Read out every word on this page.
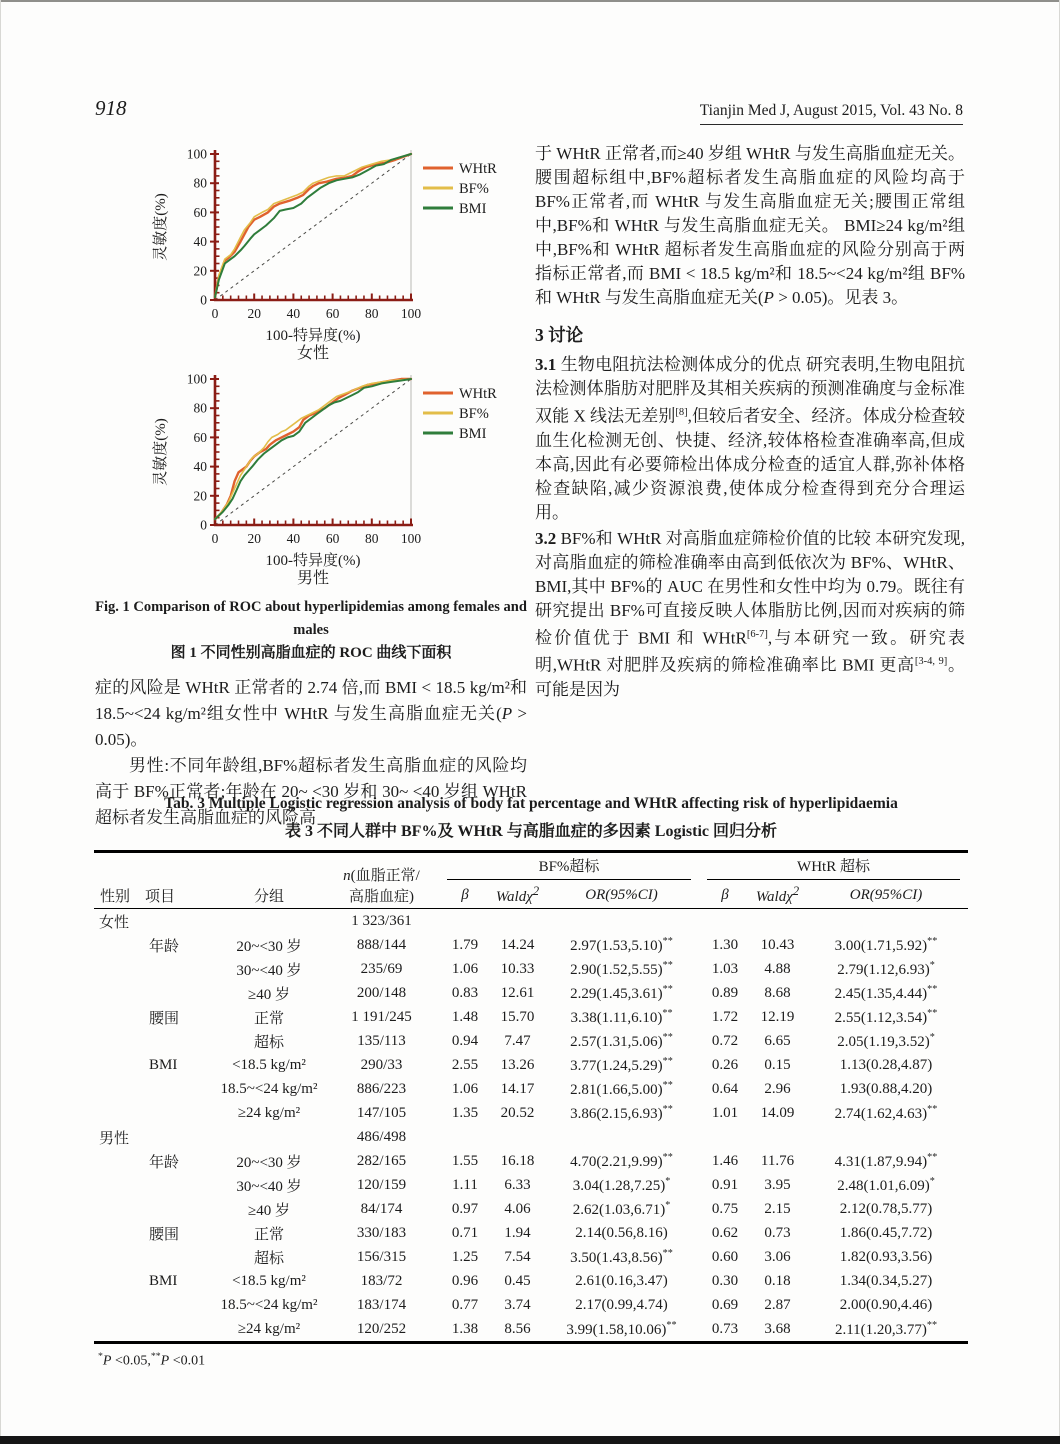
918	Tianjin Med J, August 2015, Vol. 43 No. 8
0 20 40 60 80 100
0
20
40
60
80
100
WHtR
BF%
BMI
灵敏度(%)
100-特异度(%)
女性
0 20 40 60 80 100
0
20
40
60
80
100
WHtR
BF%
BMI
灵敏度(%)
100-特异度(%)
男性
Fig. 1 Comparison of ROC about hyperlipidemias among females and males
图 1 不同性别高脂血症的 ROC 曲线下面积

症的风险是 WHtR 正常者的 2.74 倍,而 BMI < 18.5 kg/m²和 18.5~<24 kg/m²组女性中 WHtR 与发生高脂血症无关(P > 0.05)。

男性:不同年龄组,BF%超标者发生高脂血症的风险均高于 BF%正常者;年龄在 20~ <30 岁和 30~ <40 岁组 WHtR 超标者发生高脂血症的风险高

于 WHtR 正常者,而≥40 岁组 WHtR 与发生高脂血症无关。腰围超标组中,BF%超标者发生高脂血症的风险均高于 BF%正常者,而 WHtR 与发生高脂血症无关;腰围正常组中,BF%和 WHtR 与发生高脂血症无关。 BMI≥24 kg/m²组中,BF%和 WHtR 超标者发生高脂血症的风险分别高于两指标正常者,而 BMI < 18.5 kg/m²和 18.5~<24 kg/m²组 BF%和 WHtR 与发生高脂血症无关(P > 0.05)。见表 3。

3 讨论

3.1 生物电阻抗法检测体成分的优点 研究表明,生物电阻抗法检测体脂肪对肥胖及其相关疾病的预测准确度与金标准双能 X 线法无差别[8],但较后者安全、经济。体成分检查较血生化检测无创、快捷、经济,较体格检查准确率高,但成本高,因此有必要筛检出体成分检查的适宜人群,弥补体格检查缺陷,减少资源浪费,使体成分检查得到充分合理运用。

3.2 BF%和 WHtR 对高脂血症筛检价值的比较 本研究发现,对高脂血症的筛检准确率由高到低依次为 BF%、WHtR、BMI,其中 BF%的 AUC 在男性和女性中均为 0.79。既往有研究提出 BF%可直接反映人体脂肪比例,因而对疾病的筛检价值优于 BMI 和 WHtR[6-7],与本研究一致。研究表明,WHtR 对肥胖及疾病的筛检准确率比 BMI 更高[3-4, 9]。可能是因为

Tab. 3 Multiple Logistic regression analysis of body fat percentage and WHtR affecting risk of hyperlipidaemia
表 3 不同人群中 BF%及 WHtR 与高脂血症的多因素 Logistic 回归分析
性别	项目	分组	n(血脂正常/
高脂血症)	BF%超标			WHtR 超标		

				β	Waldχ$^2$	OR(95%CI)	β	Waldχ$^2$	OR(95%CI)
女性			1 323/361						
	年龄	20~<30 岁	888/144	1.79	14.24	2.97(1.53,5.10)**	1.30	10.43	3.00(1.71,5.92)**
		30~<40 岁	235/69	1.06	10.33	2.90(1.52,5.55)**	1.03	4.88	2.79(1.12,6.93)*
		≥40 岁	200/148	0.83	12.61	2.29(1.45,3.61)**	0.89	8.68	2.45(1.35,4.44)**
	腰围	正常	1 191/245	1.48	15.70	3.38(1.11,6.10)**	1.72	12.19	2.55(1.12,3.54)**
		超标	135/113	0.94	7.47	2.57(1.31,5.06)**	0.72	6.65	2.05(1.19,3.52)*
	BMI	<18.5 kg/m²	290/33	2.55	13.26	3.77(1.24,5.29)**	0.26	0.15	1.13(0.28,4.87)
		18.5~<24 kg/m²	886/223	1.06	14.17	2.81(1.66,5.00)**	0.64	2.96	1.93(0.88,4.20)
		≥24 kg/m²	147/105	1.35	20.52	3.86(2.15,6.93)**	1.01	14.09	2.74(1.62,4.63)**
男性			486/498						
	年龄	20~<30 岁	282/165	1.55	16.18	4.70(2.21,9.99)**	1.46	11.76	4.31(1.87,9.94)**
		30~<40 岁	120/159	1.11	6.33	3.04(1.28,7.25)*	0.91	3.95	2.48(1.01,6.09)*
		≥40 岁	84/174	0.97	4.06	2.62(1.03,6.71)*	0.75	2.15	2.12(0.78,5.77)
	腰围	正常	330/183	0.71	1.94	2.14(0.56,8.16)	0.62	0.73	1.86(0.45,7.72)
		超标	156/315	1.25	7.54	3.50(1.43,8.56)**	0.60	3.06	1.82(0.93,3.56)
	BMI	<18.5 kg/m²	183/72	0.96	0.45	2.61(0.16,3.47)	0.30	0.18	1.34(0.34,5.27)
		18.5~<24 kg/m²	183/174	0.77	3.74	2.17(0.99,4.74)	0.69	2.87	2.00(0.90,4.46)
		≥24 kg/m²	120/252	1.38	8.56	3.99(1.58,10.06)**	0.73	3.68	2.11(1.20,3.77)**
*P <0.05,**P <0.01
